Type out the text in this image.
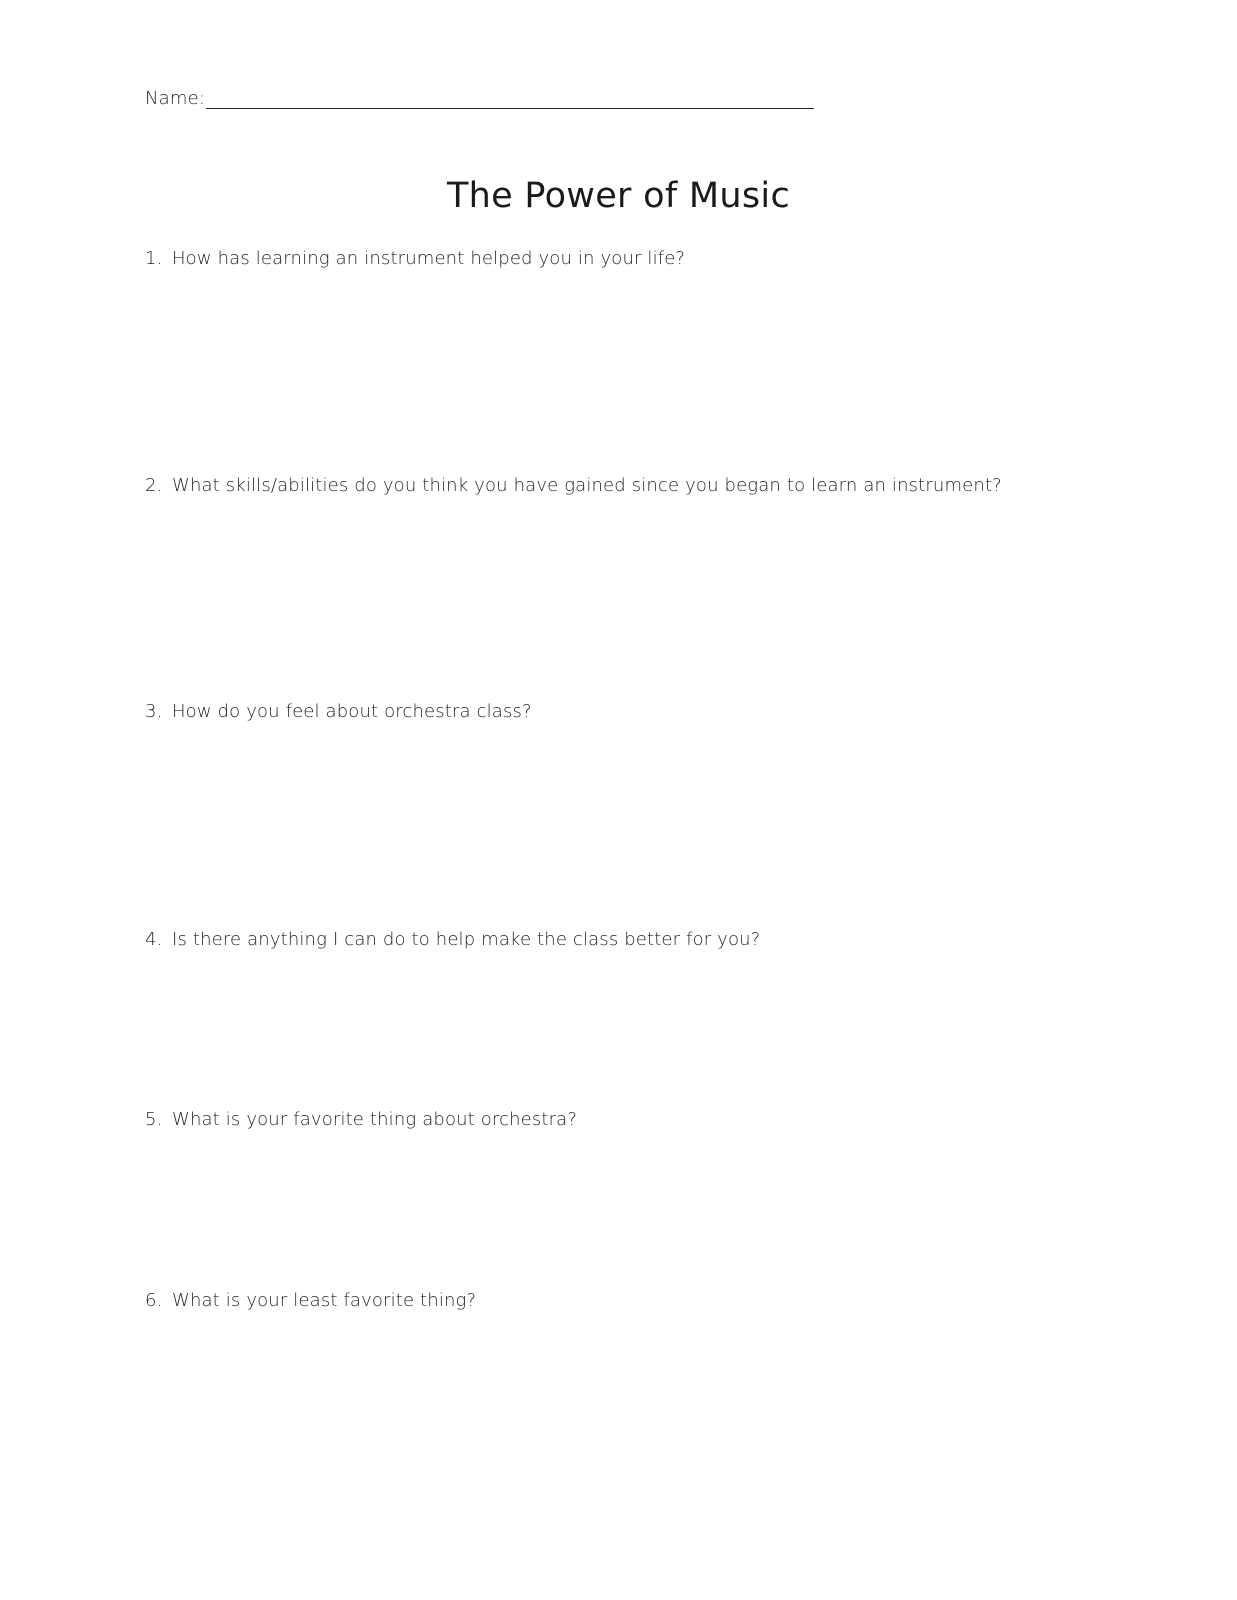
Name:
The Power of Music
1. How has learning an instrument helped you in your life?
2. What skills/abilities do you think you have gained since you began to learn an instrument?
3. How do you feel about orchestra class?
4. Is there anything I can do to help make the class better for you?
5. What is your favorite thing about orchestra?
6. What is your least favorite thing?
